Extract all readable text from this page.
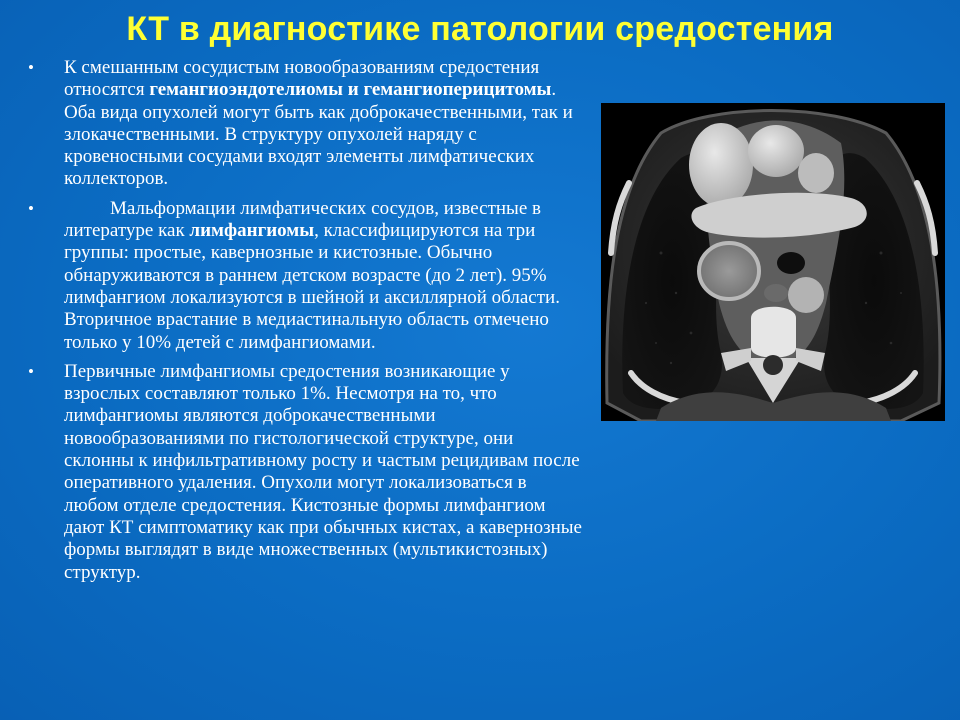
КТ в диагностике патологии средостения
• К смешанным сосудистым новообразованиям средостения относятся гемангиоэндотелиомы и гемангиоперицитомы. Оба вида опухолей могут быть как доброкачественными, так и злокачественными. В структуру опухолей наряду с кровеносными сосудами входят элементы лимфатических коллекторов.
•	Мальформации лимфатических сосудов, известные в литературе как лимфангиомы, классифицируются на три группы: простые, кавернозные и кистозные. Обычно обнаруживаются в раннем детском возрасте (до 2 лет). 95% лимфангиом локализуются в шейной и аксиллярной области. Вторичное врастание в медиастинальную область отмечено только у 10% детей с лимфангиомами.
• Первичные лимфангиомы средостения возникающие у взрослых составляют только 1%. Несмотря на то, что лимфангиомы являются доброкачественными новообразованиями по гистологической структуре, они склонны к инфильтративному росту и частым рецидивам после оперативного удаления. Опухоли могут локализоваться в любом отделе средостения. Кистозные формы лимфангиом дают КТ симптоматику как при обычных кистах, а кавернозные формы выглядят в виде множественных (мультикистозных) структур.
